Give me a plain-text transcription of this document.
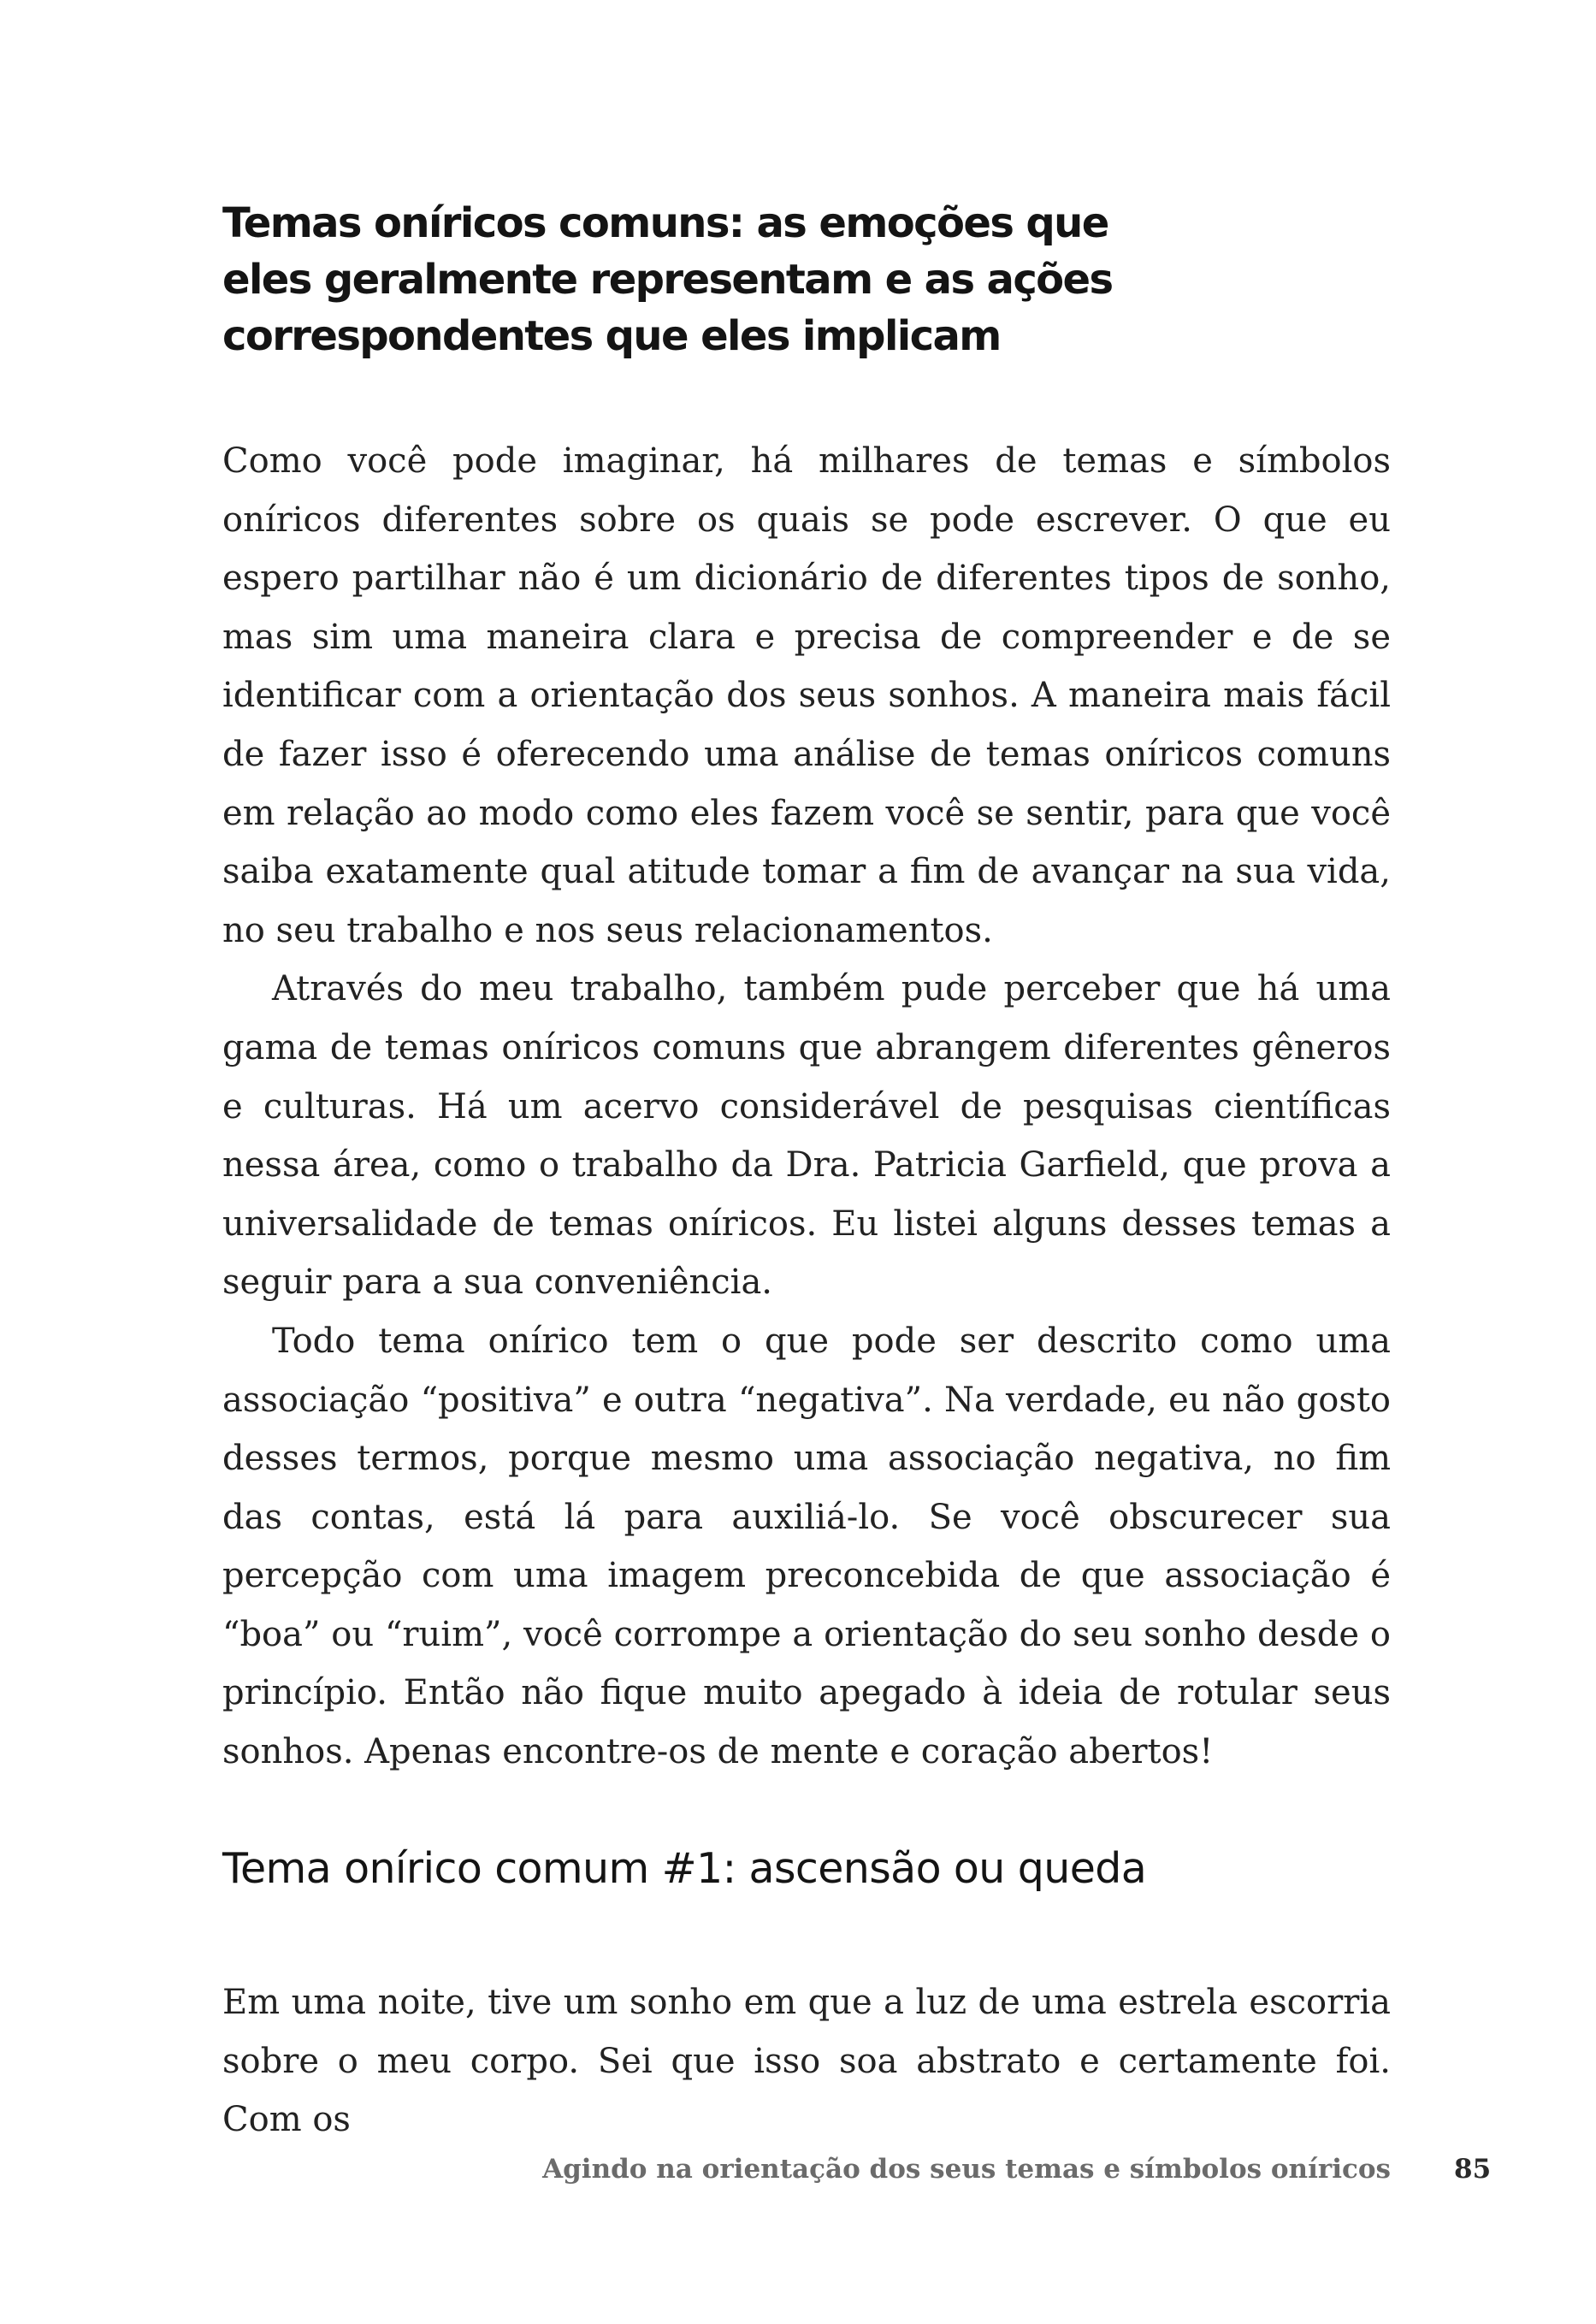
Temas oníricos comuns: as emoções que eles geralmente representam e as ações correspondentes que eles implicam

Como você pode imaginar, há milhares de temas e símbolos oníricos diferentes sobre os quais se pode escrever. O que eu espero partilhar não é um dicionário de diferentes tipos de sonho, mas sim uma maneira clara e precisa de compreender e de se identificar com a orientação dos seus sonhos. A maneira mais fácil de fazer isso é oferecendo uma análise de temas oníricos comuns em relação ao modo como eles fazem você se sentir, para que você saiba exatamente qual atitude tomar a fim de avançar na sua vida, no seu trabalho e nos seus relacionamentos.

Através do meu trabalho, também pude perceber que há uma gama de temas oníricos comuns que abrangem diferentes gêneros e culturas. Há um acervo considerável de pesquisas científicas nessa área, como o trabalho da Dra. Patricia Garfield, que prova a universalidade de temas oníricos. Eu listei alguns desses temas a seguir para a sua conveniência.

Todo tema onírico tem o que pode ser descrito como uma associação “positiva” e outra “negativa”. Na verdade, eu não gosto desses termos, porque mesmo uma associação negativa, no fim das contas, está lá para auxiliá-lo. Se você obscurecer sua percepção com uma imagem preconcebida de que associação é “boa” ou “ruim”, você corrompe a orientação do seu sonho desde o princípio. Então não fique muito apegado à ideia de rotular seus sonhos. Apenas encontre-os de mente e coração abertos!

Tema onírico comum #1: ascensão ou queda

Em uma noite, tive um sonho em que a luz de uma estrela escorria sobre o meu corpo. Sei que isso soa abstrato e certamente foi. Com os

Agindo na orientação dos seus temas e símbolos oníricos 85
